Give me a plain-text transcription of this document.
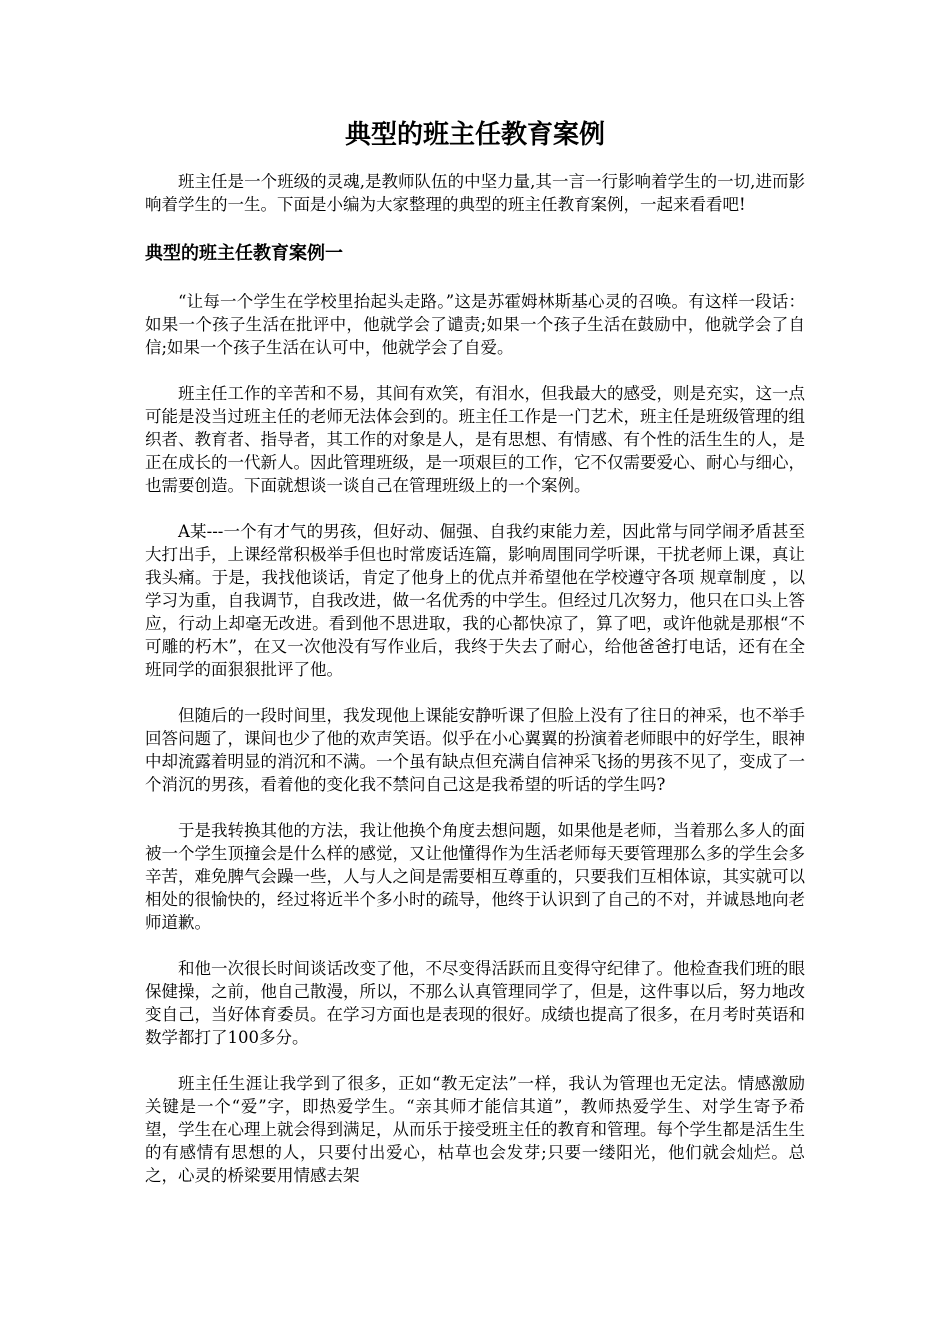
典型的班主任教育案例

班主任是一个班级的灵魂,是教师队伍的中坚力量,其一言一行影响着学生的一切,进而影响着学生的一生。下面是小编为大家整理的典型的班主任教育案例，一起来看看吧!

典型的班主任教育案例一

“让每一个学生在学校里抬起头走路。”这是苏霍姆林斯基心灵的召唤。有这样一段话：如果一个孩子生活在批评中，他就学会了谴责;如果一个孩子生活在鼓励中，他就学会了自信;如果一个孩子生活在认可中，他就学会了自爱。

班主任工作的辛苦和不易，其间有欢笑，有泪水，但我最大的感受，则是充实，这一点可能是没当过班主任的老师无法体会到的。班主任工作是一门艺术，班主任是班级管理的组织者、教育者、指导者，其工作的对象是人，是有思想、有情感、有个性的活生生的人，是正在成长的一代新人。因此管理班级，是一项艰巨的工作，它不仅需要爱心、耐心与细心，也需要创造。下面就想谈一谈自己在管理班级上的一个案例。

A某---一个有才气的男孩，但好动、倔强、自我约束能力差，因此常与同学闹矛盾甚至大打出手，上课经常积极举手但也时常废话连篇，影响周围同学听课，干扰老师上课，真让我头痛。于是，我找他谈话，肯定了他身上的优点并希望他在学校遵守各项 规章制度 ，以学习为重，自我调节，自我改进，做一名优秀的中学生。但经过几次努力，他只在口头上答应，行动上却毫无改进。看到他不思进取，我的心都快凉了，算了吧，或许他就是那根“不可雕的朽木”，在又一次他没有写作业后，我终于失去了耐心，给他爸爸打电话，还有在全班同学的面狠狠批评了他。

但随后的一段时间里，我发现他上课能安静听课了但脸上没有了往日的神采，也不举手回答问题了，课间也少了他的欢声笑语。似乎在小心翼翼的扮演着老师眼中的好学生，眼神中却流露着明显的消沉和不满。一个虽有缺点但充满自信神采飞扬的男孩不见了，变成了一个消沉的男孩，看着他的变化我不禁问自己这是我希望的听话的学生吗?

于是我转换其他的方法，我让他换个角度去想问题，如果他是老师，当着那么多人的面被一个学生顶撞会是什么样的感觉，又让他懂得作为生活老师每天要管理那么多的学生会多辛苦，难免脾气会躁一些，人与人之间是需要相互尊重的，只要我们互相体谅，其实就可以相处的很愉快的，经过将近半个多小时的疏导，他终于认识到了自己的不对，并诚恳地向老师道歉。

和他一次很长时间谈话改变了他，不尽变得活跃而且变得守纪律了。他检查我们班的眼保健操，之前，他自己散漫，所以，不那么认真管理同学了，但是，这件事以后，努力地改变自己，当好体育委员。在学习方面也是表现的很好。成绩也提高了很多，在月考时英语和数学都打了100多分。

班主任生涯让我学到了很多，正如“教无定法”一样，我认为管理也无定法。情感激励关键是一个“爱”字，即热爱学生。“亲其师才能信其道”，教师热爱学生、对学生寄予希望，学生在心理上就会得到满足，从而乐于接受班主任的教育和管理。每个学生都是活生生的有感情有思想的人，只要付出爱心，枯草也会发芽;只要一缕阳光，他们就会灿烂。总之，心灵的桥梁要用情感去架
